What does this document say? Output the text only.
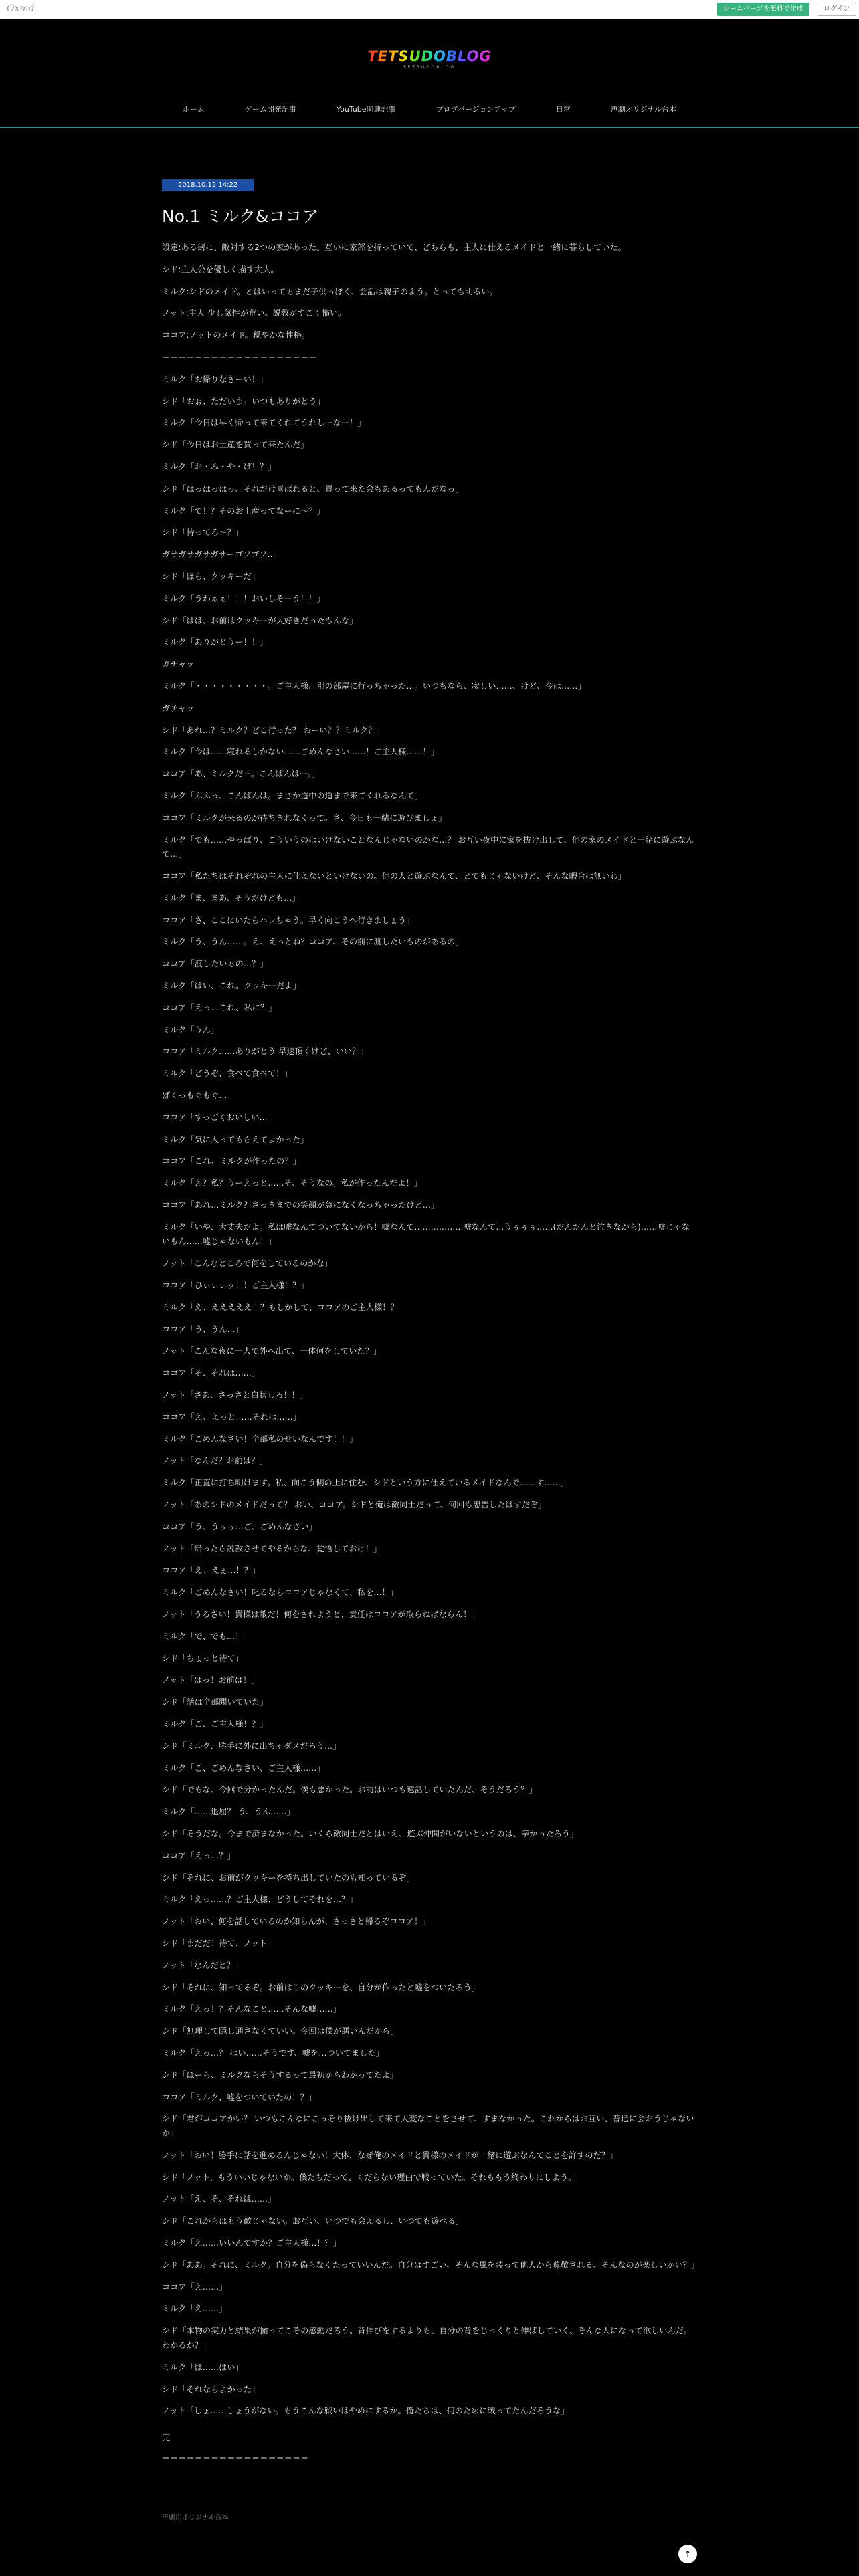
Oxmd	ホームページを無料で作成	ログイン
TETSUDOBLOG
TETSUDOBLOG
ホーム	ゲーム開発記事	YouTube関連記事	ブログバージョンアップ	日常	声劇オリジナル台本
2018.10.12 14:22
No.1 ミルク&ココア

設定:ある街に、敵対する2つの家があった。互いに家部を持っていて、どちらも、主人に仕えるメイドと一緒に暮らしていた。

シド:主人公を優しく描す大人。

ミルク:シドのメイド。とはいってもまだ子供っぽく、会話は親子のよう。とっても明るい。

ノット:主人 少し気性が荒い。説教がすごく怖い。

ココア:ノットのメイド。穏やかな性格。

＝＝＝＝＝＝＝＝＝＝＝＝＝＝＝＝＝＝＝

ミルク「お帰りなさーい！」

シド「おぉ、ただいま。いつもありがとう」

ミルク「今日は早く帰って来てくれてうれしーなー！」

シド「今日はお土産を買って来たんだ」

ミルク「お・み・や・げ！？」

シド「はっはっはっ、それだけ喜ばれると、買って来た会もあるってもんだなっ」

ミルク「で！？そのお土産ってなーに～？」

シド「待ってろ～？」

ガサガサガサガサーゴソゴソ…

シド「ほら、クッキーだ」

ミルク「うわぁぁ！！！おいしそーう！！」

シド「はは、お前はクッキーが大好きだったもんな」

ミルク「ありがとうー！！」

ガチャッ

ミルク「・・・・・・・・・。ご主人様、別の部屋に行っちゃった…。いつもなら、寂しい……、けど、今は……」

ガチャッ

シド「あれ…？ミルク？どこ行った？ おーい？？ミルク？」

ミルク「今は……寝れるしかない……ごめんなさい……！ご主人様……！」

ココア「あ、ミルクだー。こんばんはー。」

ミルク「ふふっ、こんばんは。まさか道中の道まで来てくれるなんて」

ココア「ミルクが来るのが待ちきれなくって。さ、今日も一緒に遊びましょ」

ミルク「でも……やっぱり、こういうのはいけないことなんじゃないのかな…？ お互い夜中に家を抜け出して、他の家のメイドと一緒に遊ぶなんて…」

ココア「私たちはそれぞれの主人に仕えないといけないの。他の人と遊ぶなんて、とてもじゃないけど、そんな暇合は無いわ」

ミルク「ま、まあ、そうだけども…」

ココア「さ、ここにいたらバレちゃう。早く向こうへ行きましょう」

ミルク「う、うん……。え、えっとね？ココア、その前に渡したいものがあるの」

ココア「渡したいもの…？」

ミルク「はい、これ。クッキーだよ」

ココア「えっ…これ、私に？」

ミルク「うん」

ココア「ミルク……ありがとう 早速頂くけど、いい？」

ミルク「どうぞ、食べて食べて！」

ぱくっもぐもぐ…

ココア「すっごくおいしい…」

ミルク「気に入ってもらえてよかった」

ココア「これ、ミルクが作ったの？」

ミルク「え？私？うーえっと……そ、そうなの。私が作ったんだよ！」

ココア「あれ…ミルク？さっきまでの笑顔が急になくなっちゃったけど…」

ミルク「いや、大丈夫だよ。私は嘘なんてついてないから！嘘なんて………………嘘なんて…うぅぅぅ……(だんだんと泣きながら)……嘘じゃないもん……嘘じゃないもん！」

ノット「こんなところで何をしているのかな」

ココア「ひぃぃぃッ！！ご主人様！？」

ミルク「え、えええええ！？もしかして、ココアのご主人様！？」

ココア「う、うん…」

ノット「こんな夜に一人で外へ出て、一体何をしていた？」

ココア「そ、それは……」

ノット「さあ、さっさと白状しろ！！」

ココア「え、えっと……それは……」

ミルク「ごめんなさい！全部私のせいなんです！！」

ノット「なんだ？お前は？」

ミルク「正直に打ち明けます。私、向こう側の上に住む、シドという方に仕えているメイドなんで……す……」

ノット「あのシドのメイドだって？ おい、ココア。シドと俺は敵同士だって、何回も忠告したはずだぞ」

ココア「う、うぅぅ…ご、ごめんなさい」

ノット「帰ったら説教させてやるからな、覚悟しておけ！」

ココア「え、えぇ…！？」

ミルク「ごめんなさい！叱るならココアじゃなくて、私を…！」

ノット「うるさい！貴様は敵だ！何をされようと、責任はココアが取らねばならん！」

ミルク「で、でも…！」

シド「ちょっと待て」

ノット「はっ！お前は！」

シド「話は全部聞いていた」

ミルク「ご、ご主人様！？」

シド「ミルク、勝手に外に出ちゃダメだろう…」

ミルク「ご、ごめんなさい、ご主人様……」

シド「でもな、今回で分かったんだ。僕も悪かった。お前はいつも遠話していたんだ、そうだろう？」

ミルク「……退屈？ う、うん……」

シド「そうだな。今まで済まなかった。いくら敵同士だとはいえ、遊ぶ仲間がいないというのは、辛かったろう」

ココア「えっ…？」

シド「それに、お前がクッキーを持ち出していたのも知っているぞ」

ミルク「えっ……？ご主人様、どうしてそれを…？」

ノット「おい、何を話しているのか知らんが、さっさと帰るぞココア！」

シド「まだだ！待て、ノット」

ノット「なんだと？」

シド「それに、知ってるぞ。お前はこのクッキーを、自分が作ったと嘘をついたろう」

ミルク「えっ！？そんなこと……そんな嘘……」

シド「無理して隠し通さなくていい。今回は僕が悪いんだから」

ミルク「えっ…？ はい……そうです、嘘を…ついてました」

シド「ほーら、ミルクならそうするって最初からわかってたよ」

ココア「ミルク、嘘をついていたの！？」

シド「君がココアかい？ いつもこんなにこっそり抜け出して来て大変なことをさせて、すまなかった。これからはお互い、普通に会おうじゃないか」

ノット「おい！勝手に話を進めるんじゃない！大体、なぜ俺のメイドと貴様のメイドが一緒に遊ぶなんてことを許すのだ？」

シド「ノット、もういいじゃないか。僕たちだって、くだらない理由で戦っていた。それももう終わりにしよう。」

ノット「え、そ、それは……」

シド「これからはもう敵じゃない。お互い、いつでも会えるし、いつでも遊べる」

ミルク「え……いいんですか？ご主人様…！？」

シド「ああ。それに、ミルク。自分を偽らなくたっていいんだ。自分はすごい、そんな風を装って他人から尊敬される、そんなのが楽しいかい？」

ココア「え……」

ミルク「え……」

シド「本物の実力と結果が揃ってこその感動だろう。背伸びをするよりも、自分の背をじっくりと伸ばしていく、そんな人になって欲しいんだ。わかるか？」

ミルク「は……はい」

シド「それならよかった」

ノット「しょ……しょうがない。もうこんな戦いはやめにするか。俺たちは、何のために戦ってたんだろうな」

完

＝＝＝＝＝＝＝＝＝＝＝＝＝＝＝＝＝＝

声劇用オリジナル台本
↑
